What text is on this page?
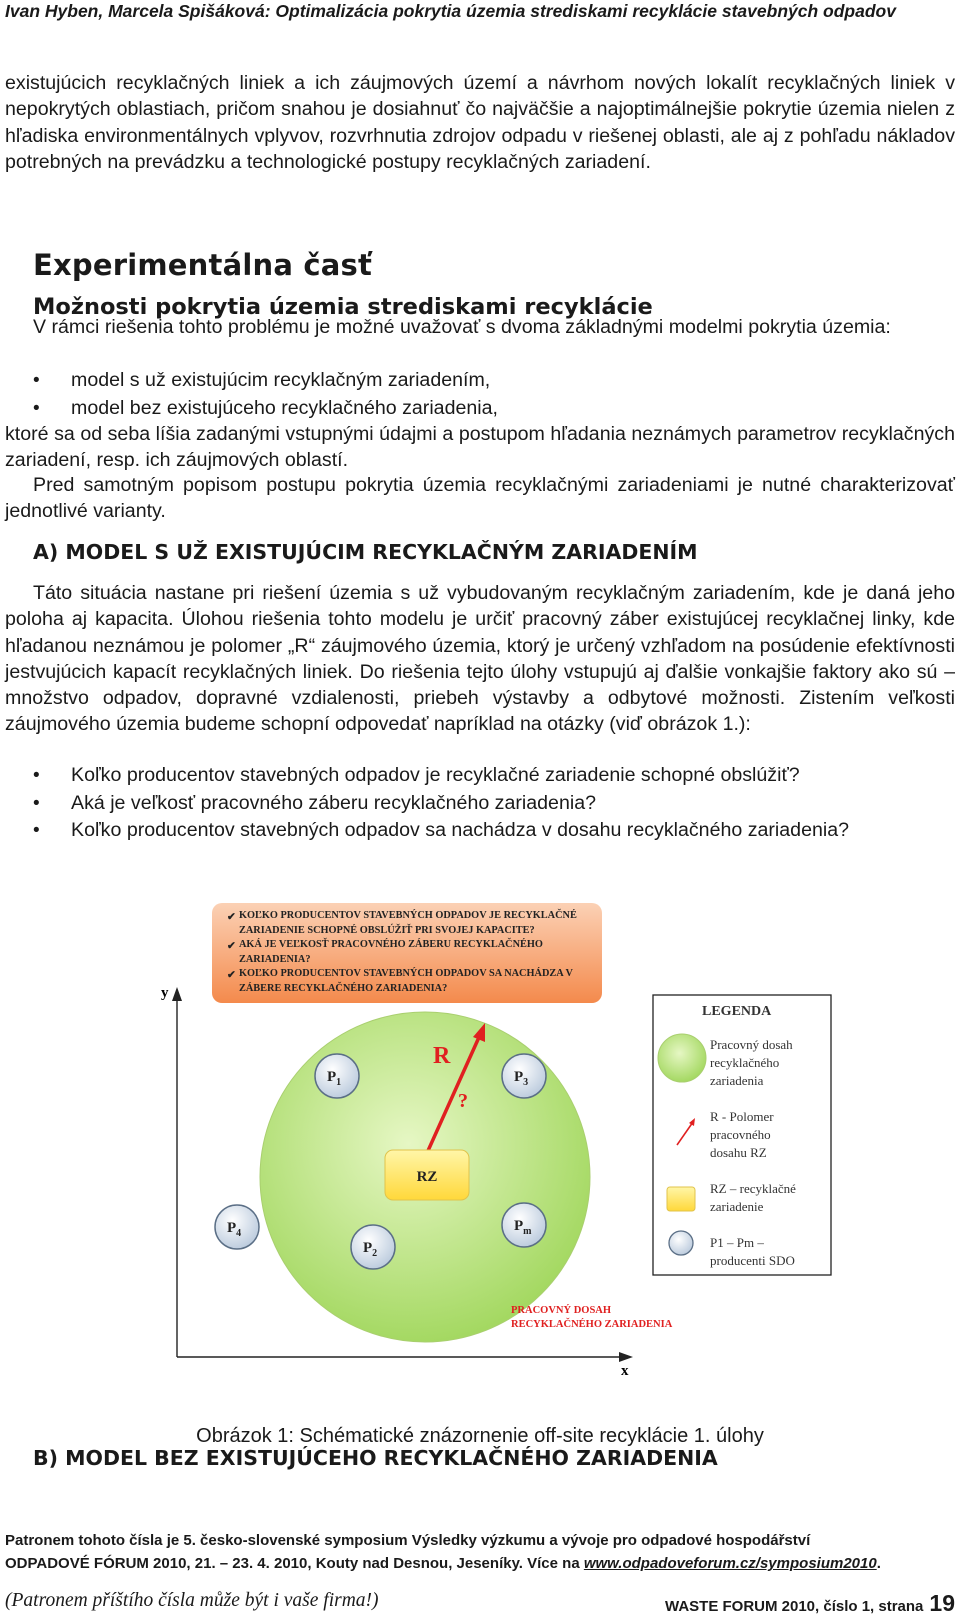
Ivan Hyben, Marcela Spišáková: Optimalizácia pokrytia územia strediskami recyklácie stavebných odpadov

existujúcich recyklačných liniek a ich záujmových území a návrhom nových lokalít recyklačných liniek v nepokrytých oblastiach, pričom snahou je dosiahnuť čo najväčšie a najoptimálnejšie pokrytie územia nielen z hľadiska environmentálnych vplyvov, rozvrhnutia zdrojov odpadu v riešenej oblasti, ale aj z pohľadu nákladov potrebných na prevádzku a technologické postupy recyklačných zariadení.

Experimentálna časť
Možnosti pokrytia územia strediskami recyklácie

V rámci riešenia tohto problému je možné uvažovať s dvoma základnými modelmi pokrytia územia:

• model s už existujúcim recyklačným zariadením,
• model bez existujúceho recyklačného zariadenia,

ktoré sa od seba líšia zadanými vstupnými údajmi a postupom hľadania neznámych parametrov recyklačných zariadení, resp. ich záujmových oblastí.

Pred samotným popisom postupu pokrytia územia recyklačnými zariadeniami je nutné charakterizovať jednotlivé varianty.

A) MODEL S UŽ EXISTUJÚCIM RECYKLAČNÝM ZARIADENÍM

Táto situácia nastane pri riešení územia s už vybudovaným recyklačným zariadením, kde je daná jeho poloha aj kapacita. Úlohou riešenia tohto modelu je určiť pracovný záber existujúcej recyklačnej linky, kde hľadanou neznámou je polomer „R“ záujmového územia, ktorý je určený vzhľadom na posúdenie efektívnosti jestvujúcich kapacít recyklačných liniek. Do riešenia tejto úlohy vstupujú aj ďalšie vonkajšie faktory ako sú – množstvo odpadov, dopravné vzdialenosti, priebeh výstavby a odbytové možnosti. Zistením veľkosti záujmového územia budeme schopní odpovedať napríklad na otázky (viď obrázok 1.):

• Koľko producentov stavebných odpadov je recyklačné zariadenie schopné obslúžiť?
• Aká je veľkosť pracovného záberu recyklačného zariadenia?
• Koľko producentov stavebných odpadov sa nachádza v dosahu recyklačného zariadenia?
y
x
✔ ✔ ✔
KOĽKO PRODUCENTOV STAVEBNÝCH ODPADOV JE RECYKLAČNÉ ZARIADENIE SCHOPNÉ OBSLÚŽIŤ PRI SVOJEJ KAPACITE?
AKÁ JE VEĽKOSŤ PRACOVNÉHO ZÁBERU RECYKLAČNÉHO ZARIADENIA?
KOĽKO PRODUCENTOV STAVEBNÝCH ODPADOV SA NACHÁDZA V ZÁBERE RECYKLAČNÉHO ZARIADENIA?
R
?
RZ
$P_1$	$P_3$
$P_4$
$P_2$
$P_m$
PRACOVNÝ DOSAH RECYKLAČNÉHO ZARIADENIA
LEGENDA
Pracovný dosah recyklačného zariadenia
R - Polomer pracovného dosahu RZ
RZ – recyklačné zariadenie
P1 – Pm – producenti SDO
Obrázok 1: Schématické znázornenie off-site recyklácie 1. úlohy
B) MODEL BEZ EXISTUJÚCEHO RECYKLAČNÉHO ZARIADENIA
Patronem tohoto čísla je 5. česko-slovenské symposium Výsledky výzkumu a vývoje pro odpadové hospodářství
ODPADOVÉ FÓRUM 2010, 21. – 23. 4. 2010, Kouty nad Desnou, Jeseníky. Více na www.odpadoveforum.cz/symposium2010.
(Patronem příštího čísla může být i vaše firma!)	WASTE FORUM 2010, číslo 1, strana 19
